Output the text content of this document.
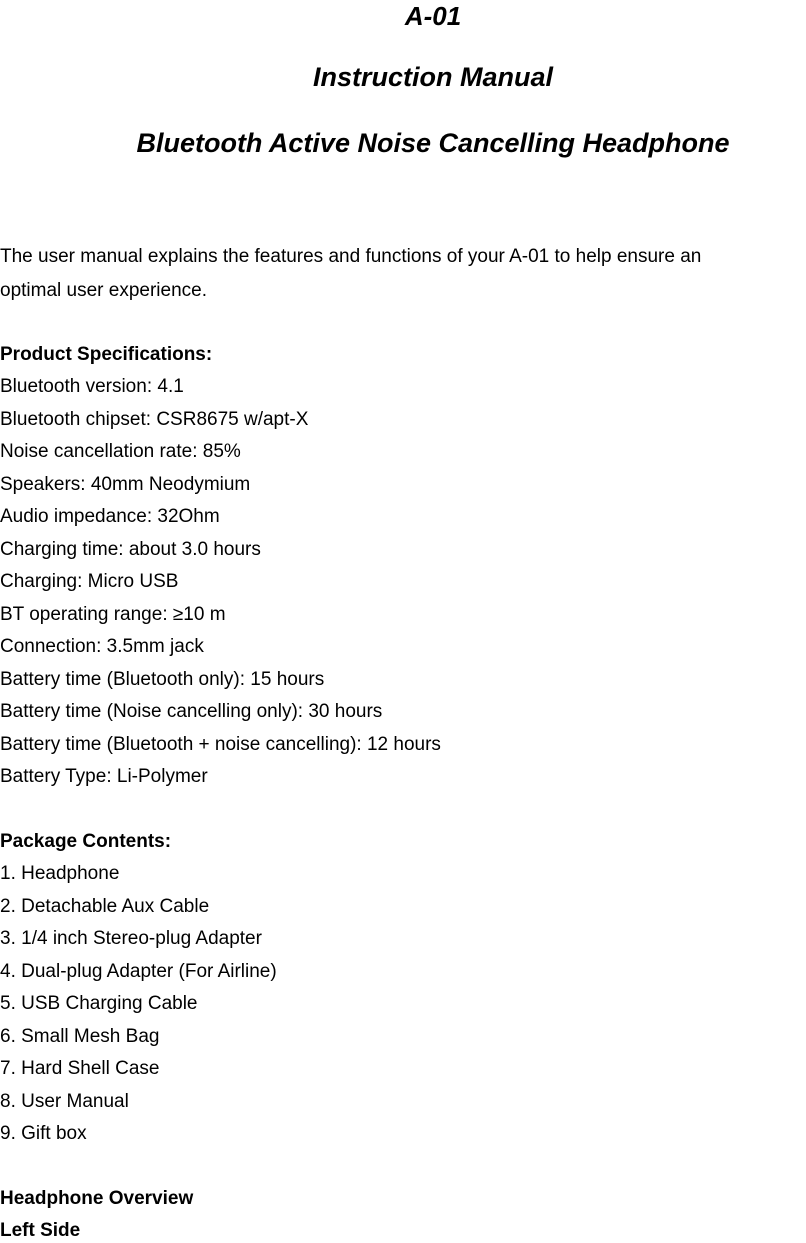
A-01
Instruction Manual
Bluetooth Active Noise Cancelling Headphone

The user manual explains the features and functions of your A-01 to help ensure an

optimal user experience.

Product Specifications:

Bluetooth version: 4.1

Bluetooth chipset: CSR8675 w/apt-X

Noise cancellation rate: 85%

Speakers: 40mm Neodymium

Audio impedance: 32Ohm

Charging time: about 3.0 hours

Charging: Micro USB

BT operating range: ≥10 m

Connection: 3.5mm jack

Battery time (Bluetooth only): 15 hours

Battery time (Noise cancelling only): 30 hours

Battery time (Bluetooth + noise cancelling): 12 hours

Battery Type: Li-Polymer

Package Contents:

1. Headphone

2. Detachable Aux Cable

3. 1/4 inch Stereo-plug Adapter

4. Dual-plug Adapter (For Airline)

5. USB Charging Cable

6. Small Mesh Bag

7. Hard Shell Case

8. User Manual

9. Gift box

Headphone Overview

Left Side
